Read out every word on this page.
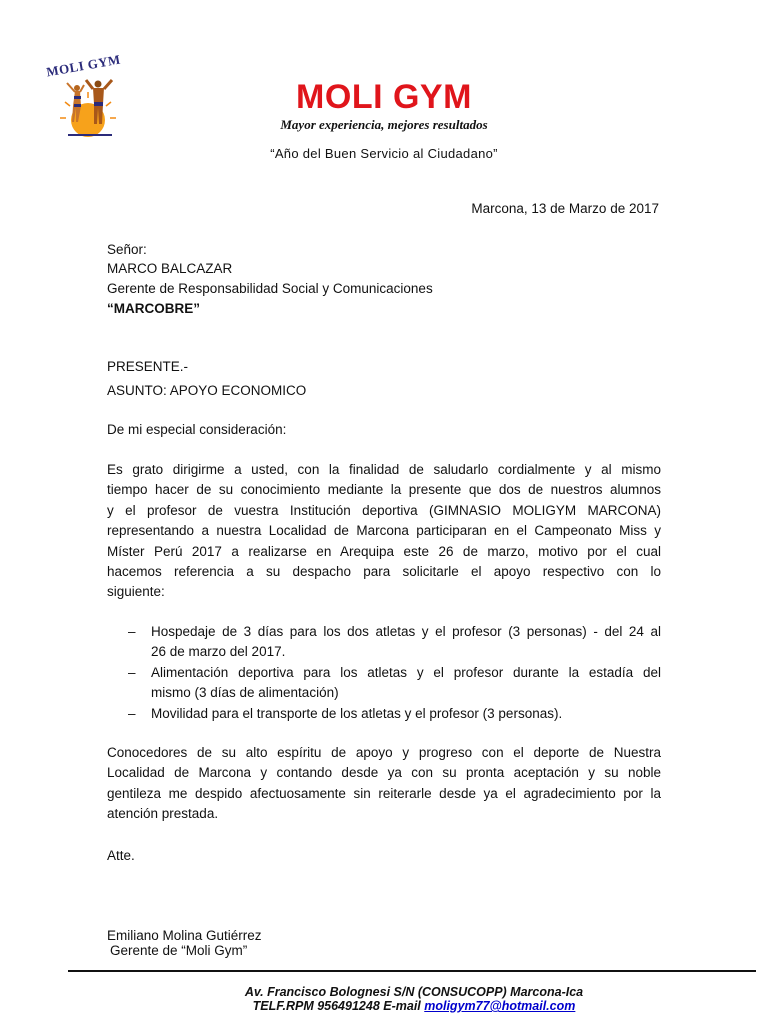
MOLI GYM
MOLI GYM
Mayor experiencia, mejores resultados
“Año del Buen Servicio al Ciudadano”
Marcona, 13 de Marzo de 2017
Señor:
MARCO BALCAZAR
Gerente de Responsabilidad Social y Comunicaciones
“MARCOBRE”
PRESENTE.-
ASUNTO: APOYO ECONOMICO
De mi especial consideración:
Es grato dirigirme a usted, con la finalidad de saludarlo cordialmente y al mismo
tiempo hacer de su conocimiento mediante la presente que dos de nuestros alumnos
y el profesor de vuestra Institución deportiva (GIMNASIO MOLIGYM MARCONA)
representando a nuestra Localidad de Marcona participaran en el Campeonato Miss y
Míster Perú 2017 a realizarse en Arequipa este 26 de marzo, motivo por el cual
hacemos referencia a su despacho para solicitarle el apoyo respectivo con lo
siguiente:
– Hospedaje de 3 días para los dos atletas y el profesor (3 personas) - del 24 al
26 de marzo del 2017.
– Alimentación deportiva para los atletas y el profesor durante la estadía del
mismo (3 días de alimentación)
– Movilidad para el transporte de los atletas y el profesor (3 personas).
Conocedores de su alto espíritu de apoyo y progreso con el deporte de Nuestra
Localidad de Marcona y contando desde ya con su pronta aceptación y su noble
gentileza me despido afectuosamente sin reiterarle desde ya el agradecimiento por la
atención prestada.
Atte.
Emiliano Molina Gutiérrez
Gerente de “Moli Gym”
Av. Francisco Bolognesi S/N (CONSUCOPP) Marcona-Ica
TELF.RPM 956491248 E-mail moligym77@hotmail.com
